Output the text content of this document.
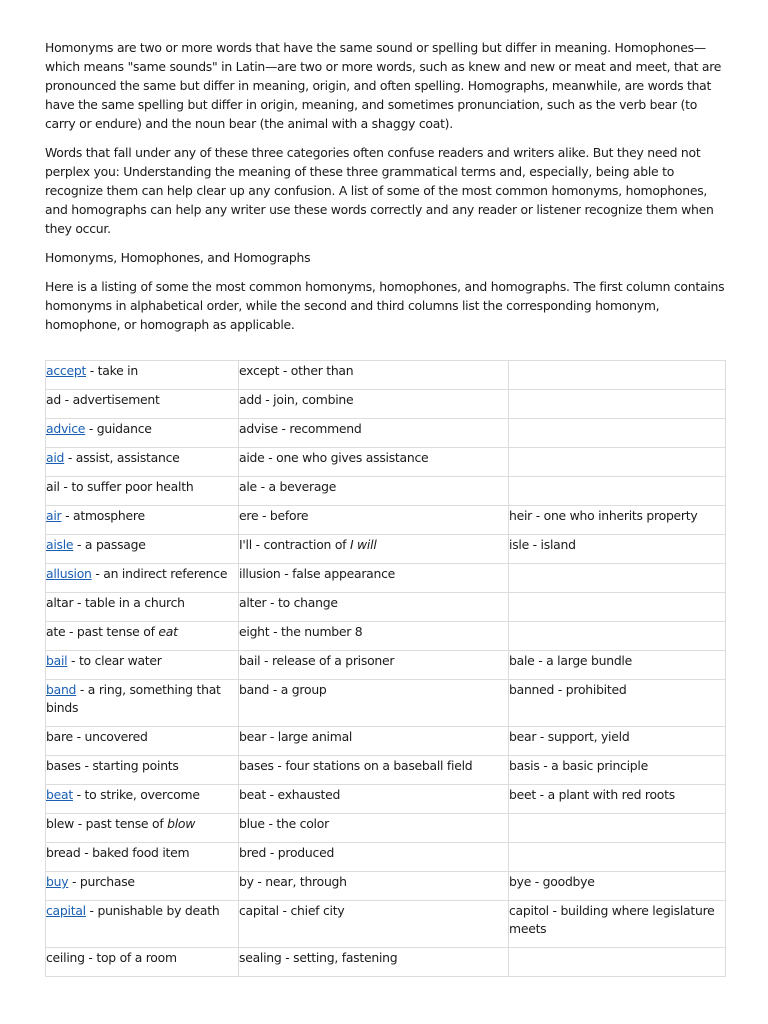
Homonyms are two or more words that have the same sound or spelling but differ in meaning. Homophones—which means "same sounds" in Latin—are two or more words, such as knew and new or meat and meet, that are pronounced the same but differ in meaning, origin, and often spelling. Homographs, meanwhile, are words that have the same spelling but differ in origin, meaning, and sometimes pronunciation, such as the verb bear (to carry or endure) and the noun bear (the animal with a shaggy coat).

Words that fall under any of these three categories often confuse readers and writers alike. But they need not perplex you: Understanding the meaning of these three grammatical terms and, especially, being able to recognize them can help clear up any confusion. A list of some of the most common homonyms, homophones, and homographs can help any writer use these words correctly and any reader or listener recognize them when they occur.

Homonyms, Homophones, and Homographs

Here is a listing of some the most common homonyms, homophones, and homographs. The first column contains homonyms in alphabetical order, while the second and third columns list the corresponding homonym, homophone, or homograph as applicable.

accept - take in	except - other than	
ad - advertisement	add - join, combine	
advice - guidance	advise - recommend	
aid - assist, assistance	aide - one who gives assistance	
ail - to suffer poor health	ale - a beverage	
air - atmosphere	ere - before	heir - one who inherits property
aisle - a passage	I'll - contraction of I will	isle - island
allusion - an indirect reference	illusion - false appearance	
altar - table in a church	alter - to change	
ate - past tense of eat	eight - the number 8	
bail - to clear water	bail - release of a prisoner	bale - a large bundle
band - a ring, something that binds	band - a group	banned - prohibited
bare - uncovered	bear - large animal	bear - support, yield
bases - starting points	bases - four stations on a baseball field	basis - a basic principle
beat - to strike, overcome	beat - exhausted	beet - a plant with red roots
blew - past tense of blow	blue - the color	
bread - baked food item	bred - produced	
buy - purchase	by - near, through	bye - goodbye
capital - punishable by death	capital - chief city	capitol - building where legislature meets
ceiling - top of a room	sealing - setting, fastening	
